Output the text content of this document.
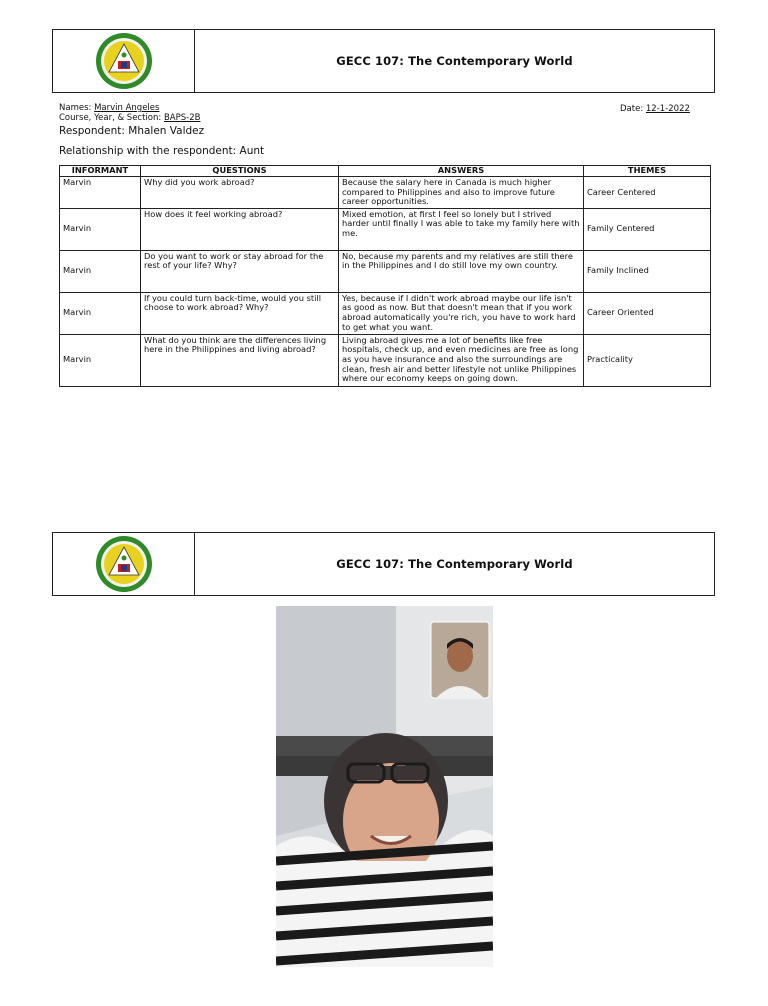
GECC 107: The Contemporary World
Names: Marvin Angeles
Course, Year, & Section: BAPS-2B
Date: 12-1-2022
Respondent: Mhalen Valdez
Relationship with the respondent: Aunt
INFORMANT	QUESTIONS	ANSWERS	THEMES
Marvin	Why did you work abroad?	Because the salary here in Canada is much higher compared to Philippines and also to improve future career opportunities.	Career Centered
Marvin	How does it feel working abroad?	Mixed emotion, at first I feel so lonely but I strived harder until finally I was able to take my family here with me.	Family Centered
Marvin	Do you want to work or stay abroad for the rest of your life? Why?	No, because my parents and my relatives are still there in the Philippines and I do still love my own country.	Family Inclined
Marvin	If you could turn back-time, would you still choose to work abroad? Why?	Yes, because if I didn't work abroad maybe our life isn't as good as now. But that doesn't mean that if you work abroad automatically you're rich, you have to work hard to get what you want.	Career Oriented
Marvin	What do you think are the differences living here in the Philippines and living abroad?	Living abroad gives me a lot of benefits like free hospitals, check up, and even medicines are free as long as you have insurance and also the surroundings are clean, fresh air and better lifestyle not unlike Philippines where our economy keeps on going down.	Practicality
GECC 107: The Contemporary World
